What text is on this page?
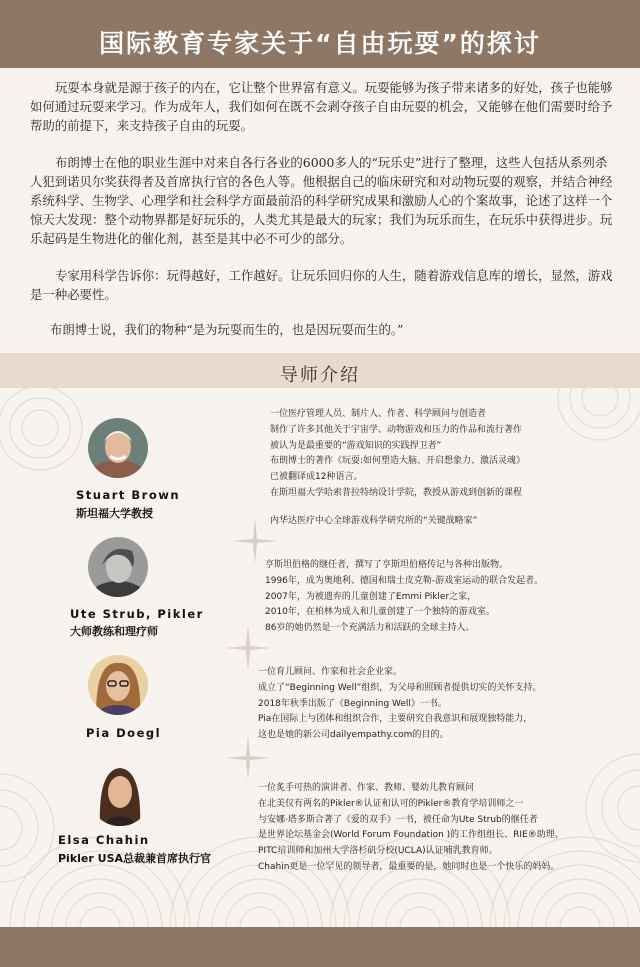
国际教育专家关于“自由玩耍”的探讨

玩耍本身就是源于孩子的内在，它让整个世界富有意义。玩耍能够为孩子带来诸多的好处，孩子也能够如何通过玩耍来学习。作为成年人，我们如何在既不会剥夺孩子自由玩耍的机会，又能够在他们需要时给予帮助的前提下，来支持孩子自由的玩耍。

布朗博士在他的职业生涯中对来自各行各业的6000多人的“玩乐史”进行了整理，这些人包括从系列杀人犯到诺贝尔奖获得者及首席执行官的各色人等。他根据自己的临床研究和对动物玩耍的观察，并结合神经系统科学、生物学、心理学和社会科学方面最前沿的科学研究成果和激励人心的个案故事，论述了这样一个惊天大发现：整个动物界都是好玩乐的，人类尤其是最大的玩家；我们为玩乐而生，在玩乐中获得进步。玩乐起码是生物进化的催化剂，甚至是其中必不可少的部分。

专家用科学告诉你：玩得越好，工作越好。让玩乐回归你的人生，随着游戏信息库的增长，显然，游戏是一种必要性。

布朗博士说，我们的物种“是为玩耍而生的，也是因玩耍而生的。”

导师介绍
Stuart Brown
斯坦福大学教授
一位医疗管理人员、制片人、作者、科学顾问与创造者
制作了许多其他关于宇宙学、动物游戏和压力的作品和流行著作
被认为是最重要的“游戏知识的实践捍卫者”
布朗博士的著作《玩耍:如何塑造大脑、开启想象力、激活灵魂》
已被翻译成12种语言。
在斯坦福大学哈索普拉特纳设计学院，教授从游戏到创新的课程
内华达医疗中心全球游戏科学研究所的“关键战略家”
Ute Strub, Pikler
大师教练和理疗师
亨斯坦伯格的继任者，撰写了亨斯坦伯格传记与各种出版物。
1996年，成为奥地利、德国和瑞士皮克勒-游戏室运动的联合发起者。
2007年，为被遗弃的儿童创建了Emmi Pikler之家，
2010年，在柏林为成人和儿童创建了一个独特的游戏室。
86岁的她仍然是一个充满活力和活跃的全球主持人。
Pia Doegl
一位育儿顾问、作家和社会企业家。
成立了“Beginning Well”组织，为父母和照顾者提供切实的关怀支持。
2018年秋季出版了《Beginning Well》一书。
Pia在国际上与团体和组织合作，主要研究自我意识和展现独特能力，
这也是她的新公司dailyempathy.com的目的。
Elsa Chahin
Pikler USA总裁兼首席执行官
一位炙手可热的演讲者、作家、教师、婴幼儿教育顾问
在北美仅有两名的Pikler®认证和认可的Pikler®教育学培训师之一
与安娜·塔多斯合著了《爱的双手》一书，被任命为Ute Strub的继任者
是世界论坛基金会(World Forum Foundation )的工作组组长、RIE®助理、
PITC培训师和加州大学洛杉矶分校(UCLA)认证哺乳教育师。
Chahin更是一位罕见的领导者，最重要的是，她同时也是一个快乐的妈妈。
